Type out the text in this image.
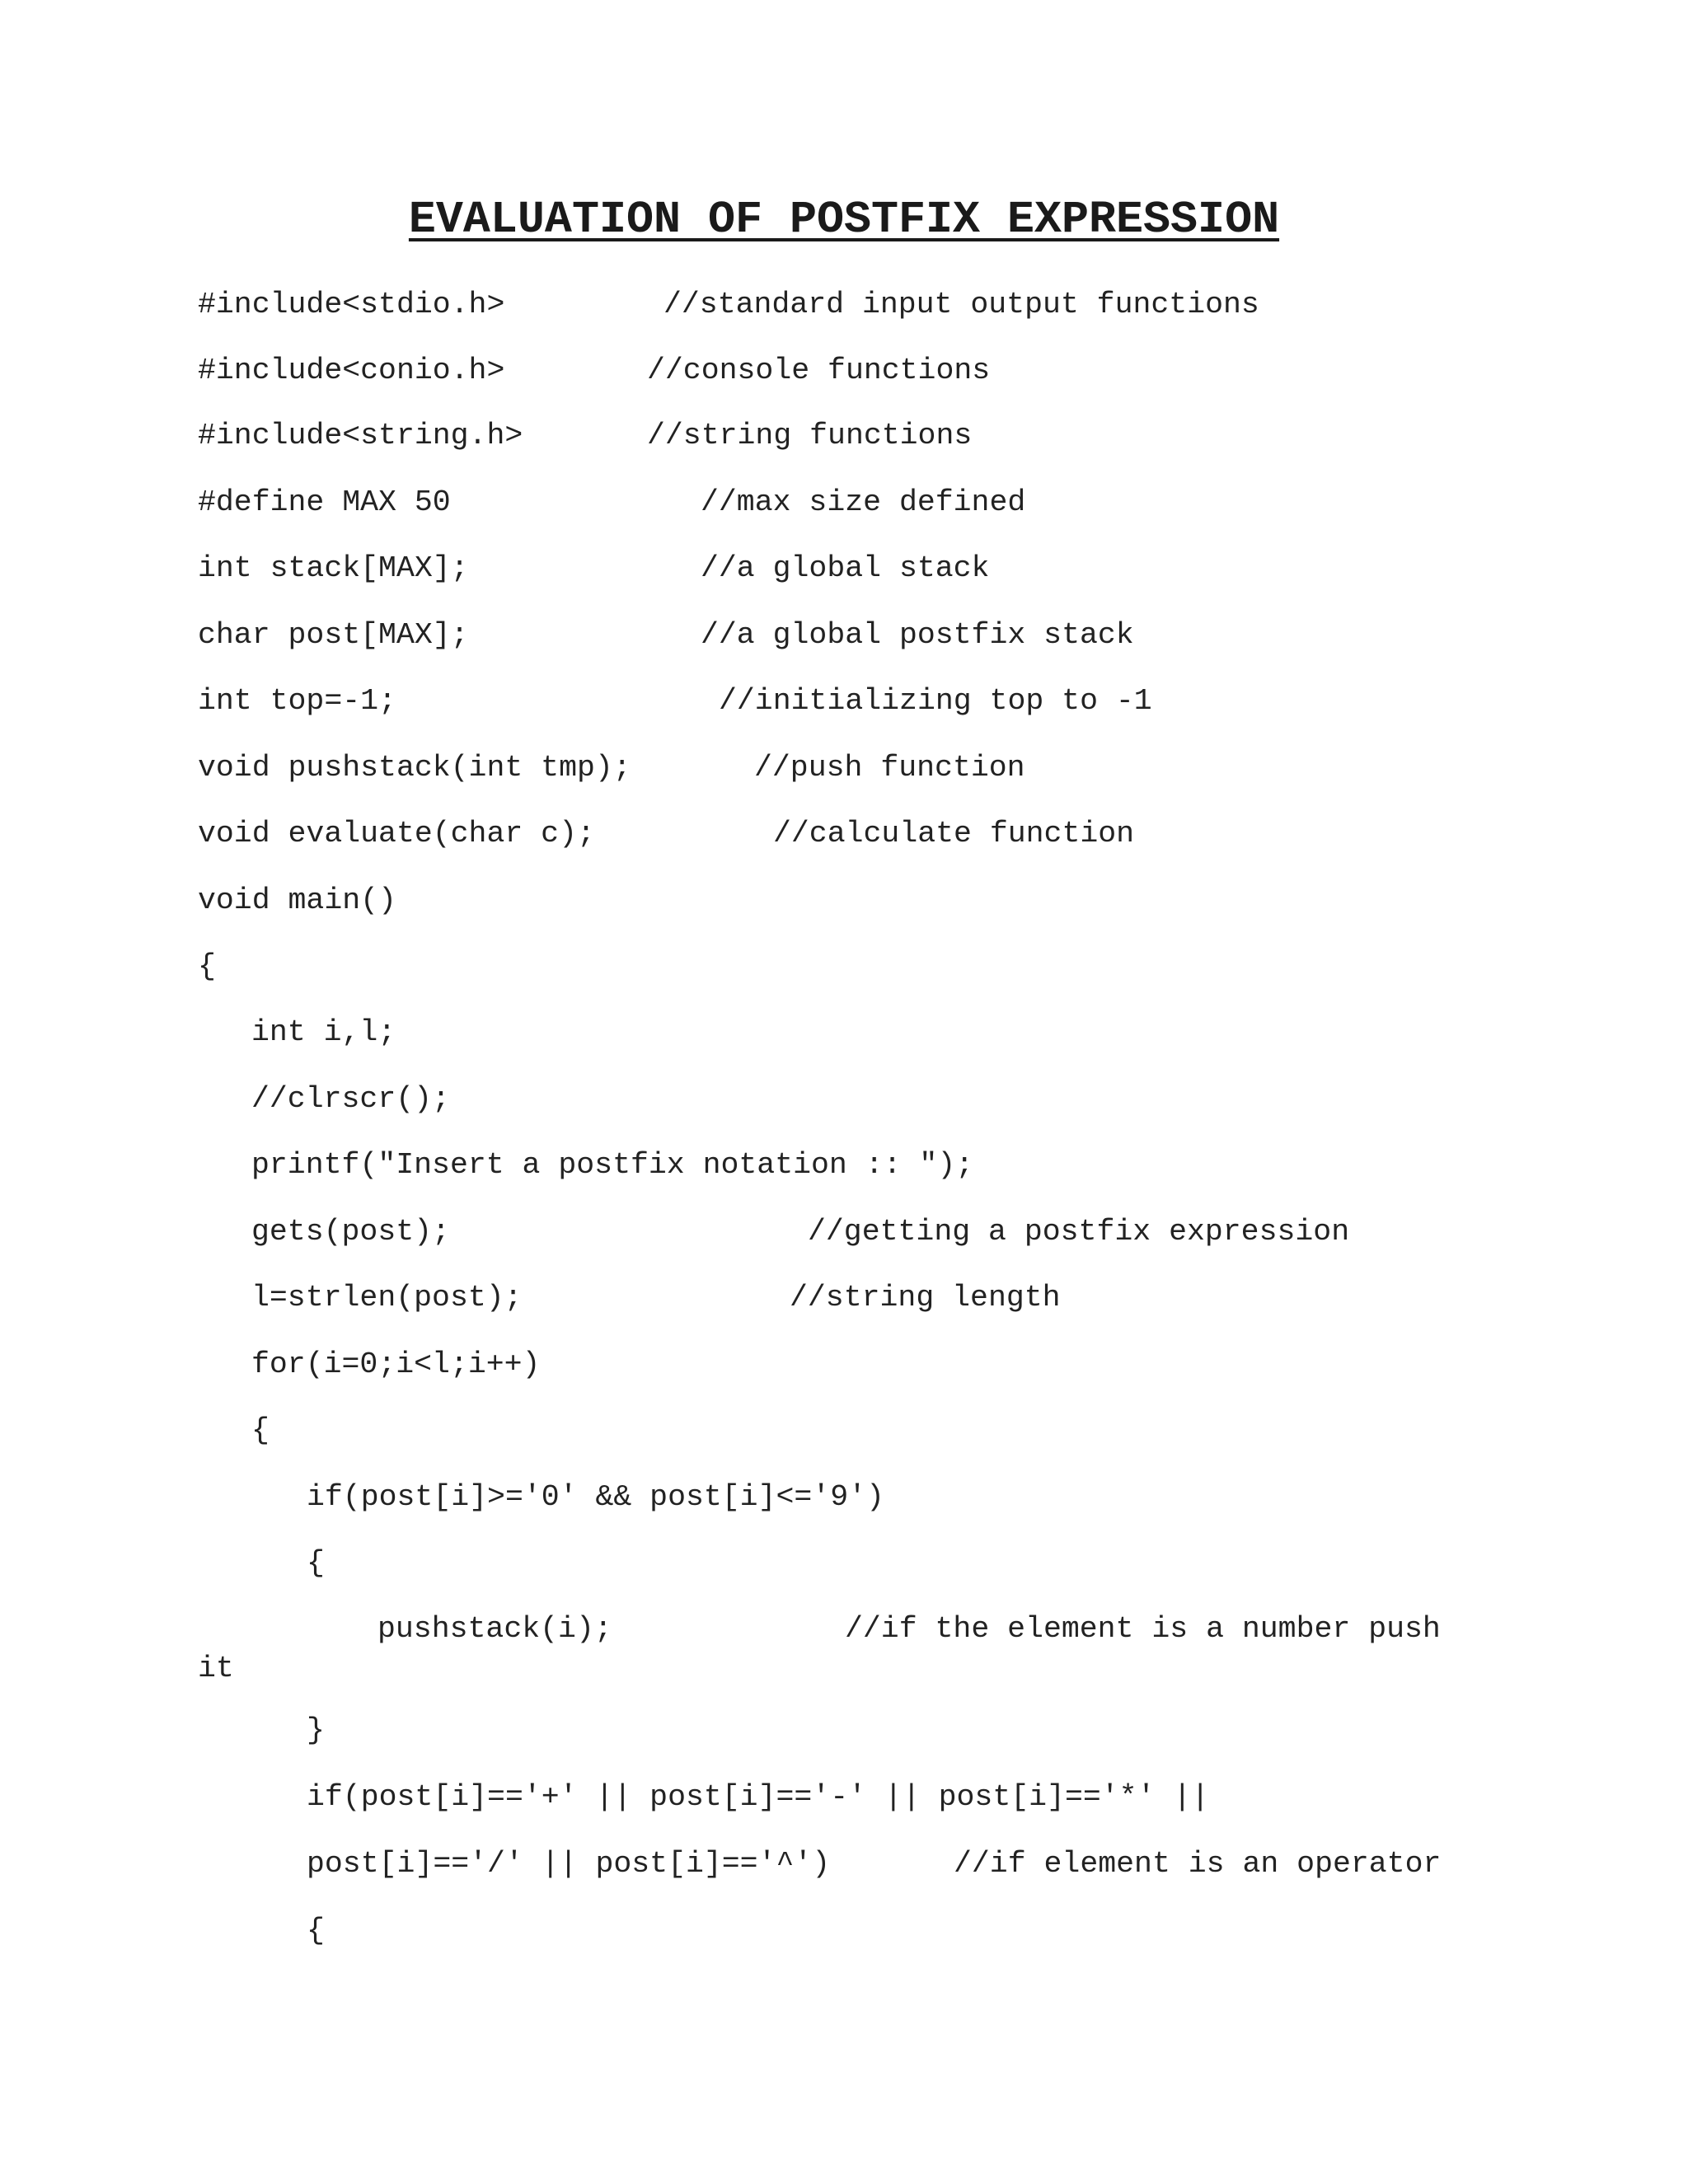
EVALUATION OF POSTFIX EXPRESSION
#include<stdio.h>	//standard input output functions
#include<conio.h>	//console functions
#include<string.h>	//string functions
#define MAX 50	//max size defined
int stack[MAX];	//a global stack
char post[MAX];	//a global postfix stack
int top=-1;	//initializing top to -1
void pushstack(int tmp);	//push function
void evaluate(char c);	//calculate function
void main()
{
int i,l;
//clrscr();
printf("Insert a postfix notation :: ");
gets(post);	//getting a postfix expression
l=strlen(post);	//string length
for(i=0;i<l;i++)
{
if(post[i]>='0' && post[i]<='9')
{
pushstack(i);	//if the element is a number push
it
}
if(post[i]=='+' || post[i]=='-' || post[i]=='*' ||
post[i]=='/' || post[i]=='^')	//if element is an operator
{
